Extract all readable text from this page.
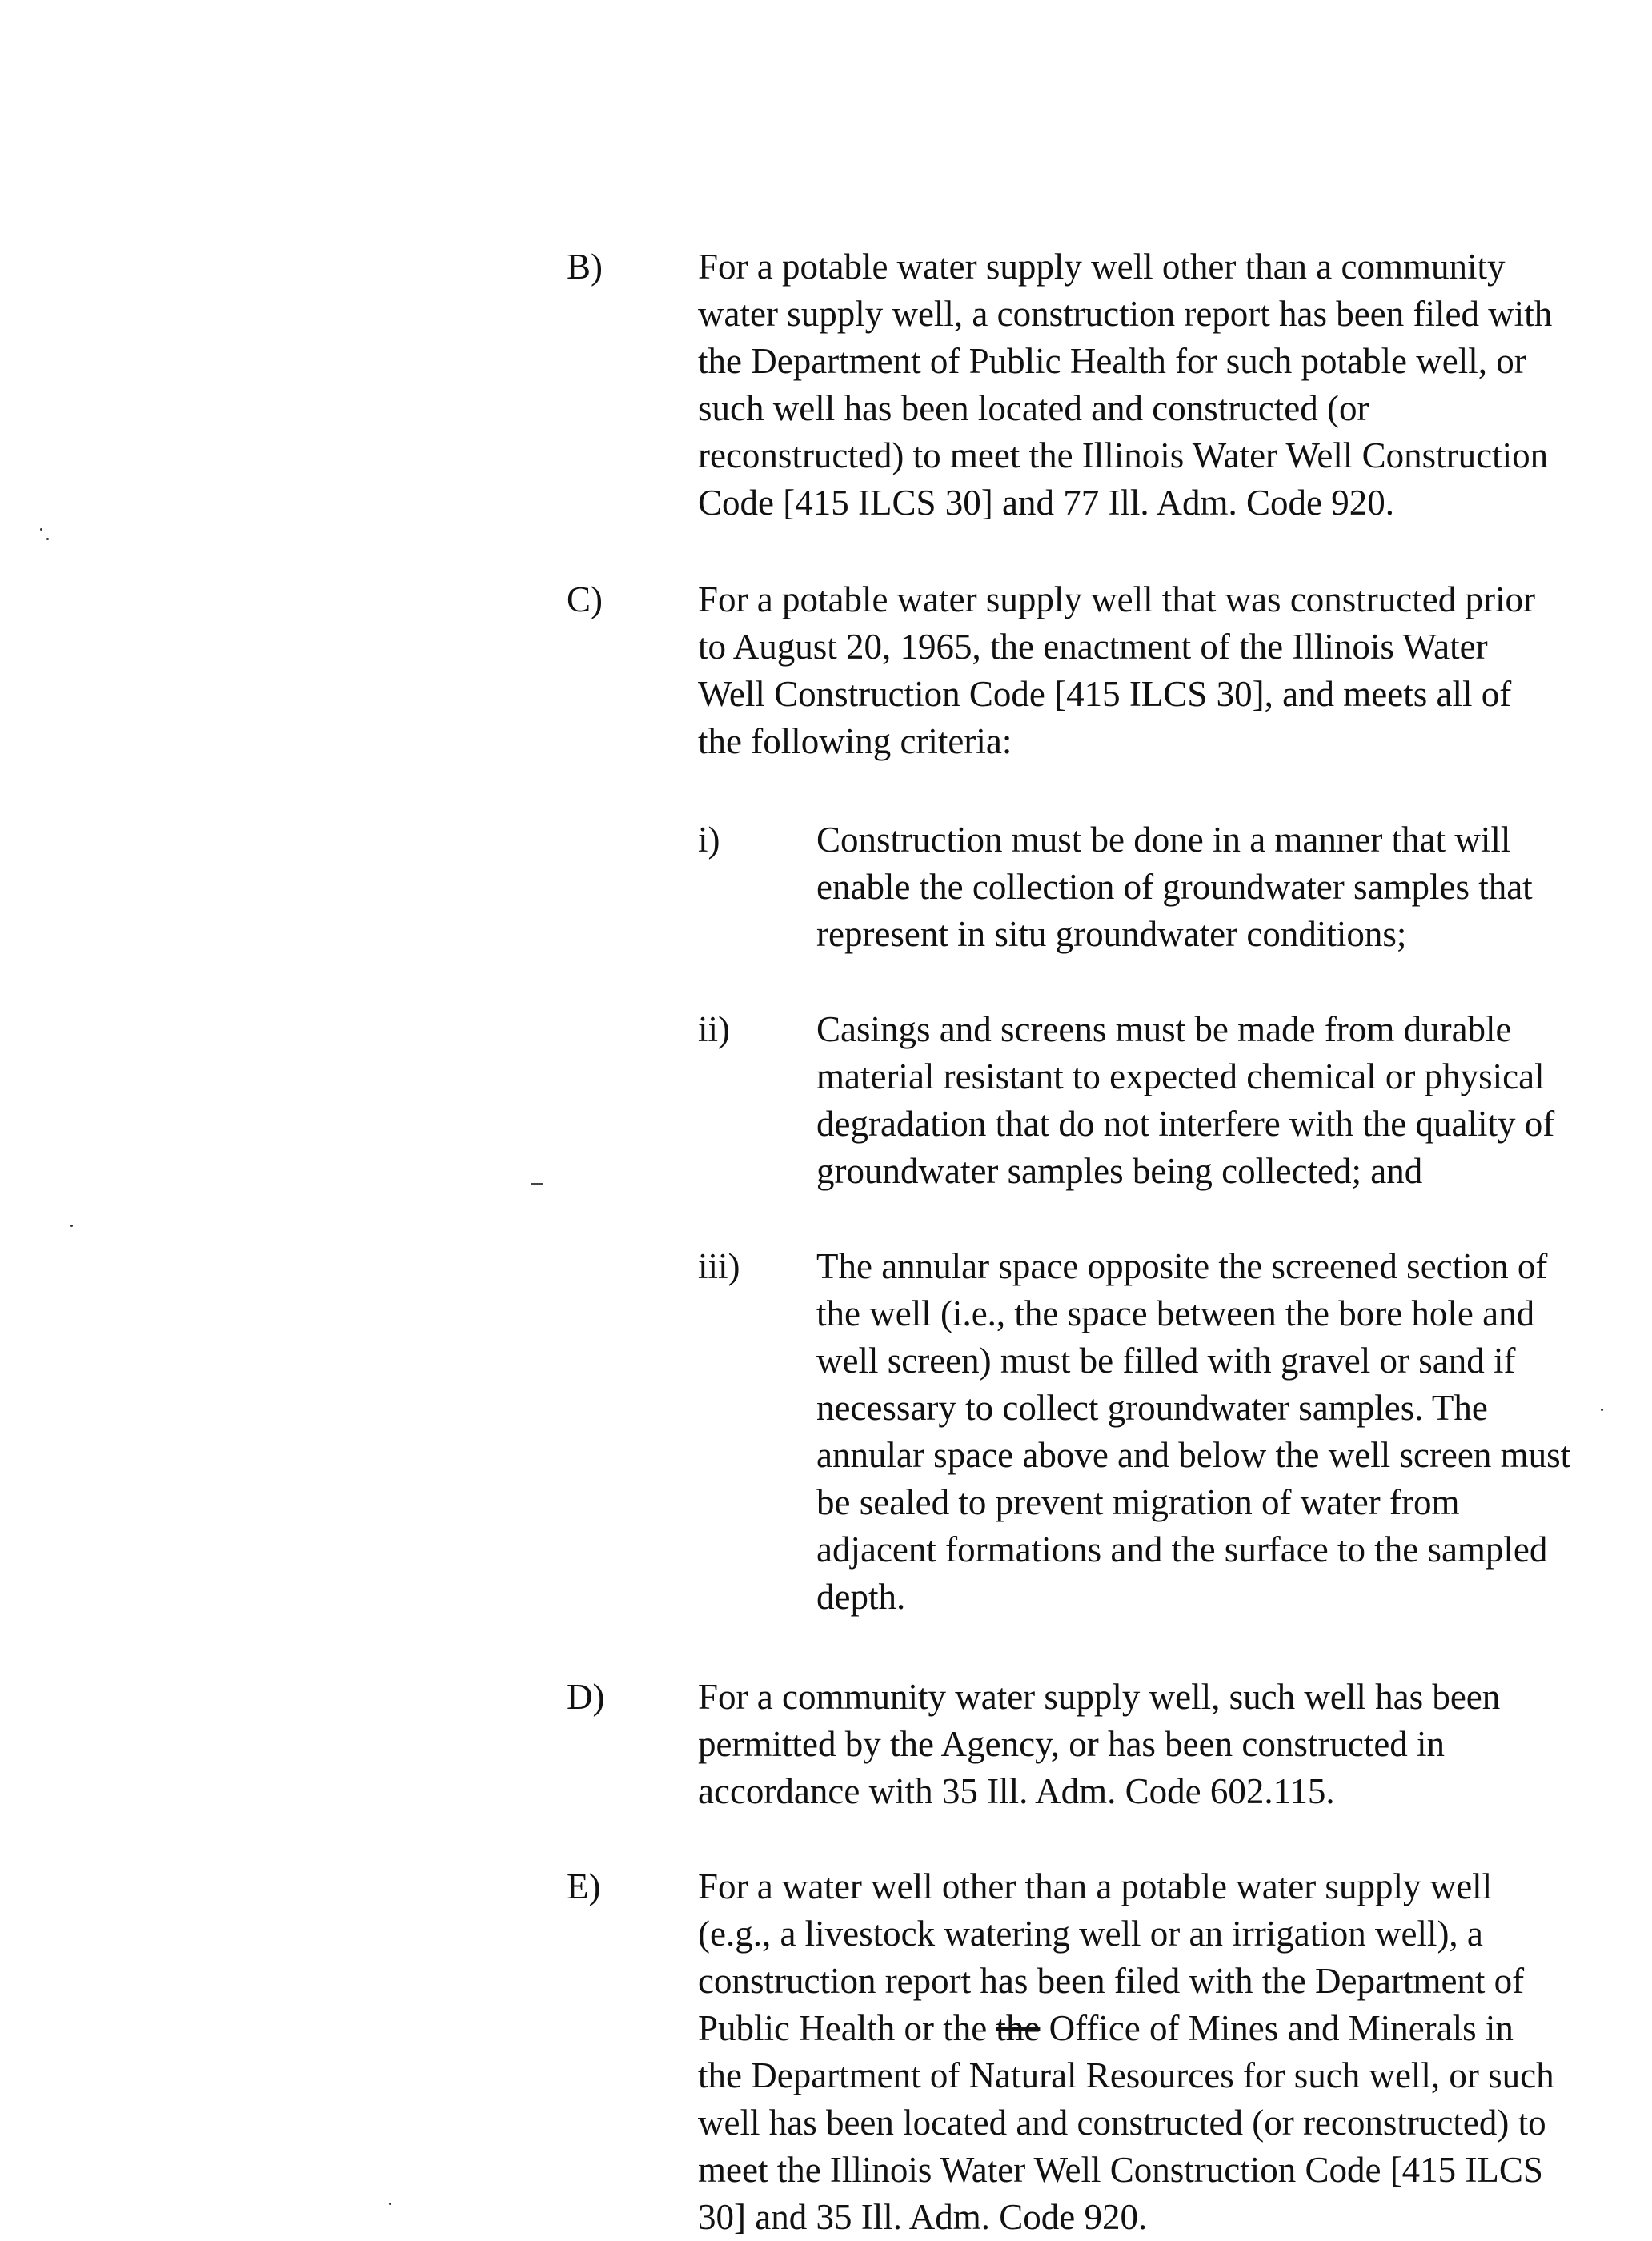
B)	For a potable water supply well other than a community
water supply well, a construction report has been filed with
the Department of Public Health for such potable well, or
such well has been located and constructed (or
reconstructed) to meet the Illinois Water Well Construction
Code [415 ILCS 30] and 77 Ill. Adm. Code 920.
C)	For a potable water supply well that was constructed prior
to August 20, 1965, the enactment of the Illinois Water
Well Construction Code [415 ILCS 30], and meets all of
the following criteria:
i)	Construction must be done in a manner that will
enable the collection of groundwater samples that
represent in situ groundwater conditions;
ii) Casings and screens must be made from durable
material resistant to expected chemical or physical
degradation that do not interfere with the quality of
groundwater samples being collected; and
iii) The annular space opposite the screened section of
the well (i.e., the space between the bore hole and
well screen) must be filled with gravel or sand if
necessary to collect groundwater samples. The
annular space above and below the well screen must
be sealed to prevent migration of water from
adjacent formations and the surface to the sampled
depth.
D)	For a community water supply well, such well has been
permitted by the Agency, or has been constructed in
accordance with 35 Ill. Adm. Code 602.115.
E)	For a water well other than a potable water supply well
(e.g., a livestock watering well or an irrigation well), a
construction report has been filed with the Department of
Public Health or the the Office of Mines and Minerals in
the Department of Natural Resources for such well, or such
well has been located and constructed (or reconstructed) to
meet the Illinois Water Well Construction Code [415 ILCS
30] and 35 Ill. Adm. Code 920.
